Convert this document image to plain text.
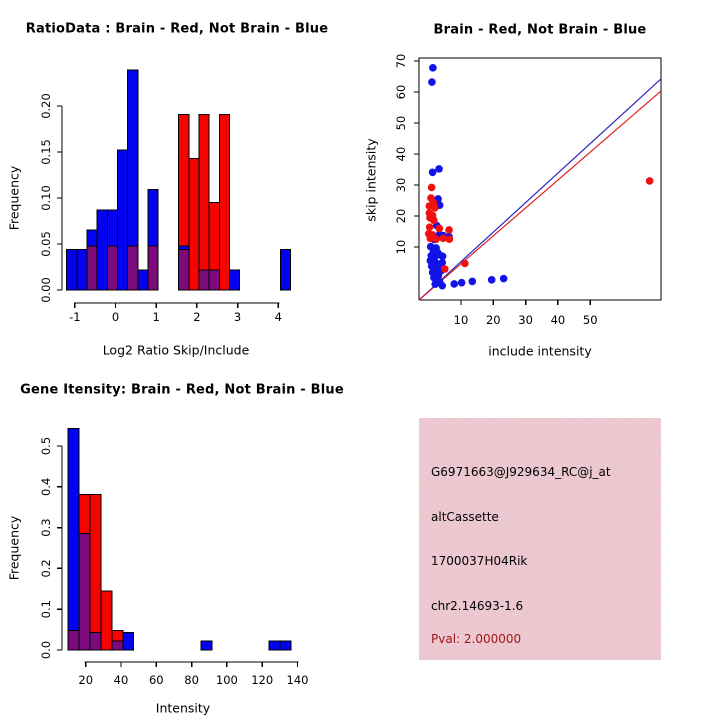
-1	0	1	2	3	4
0.00
0.05
0.10
0.15
0.20
10 20 30 40 50
10
20
30
40
50
60
70
20 40 60 80 100 120 140
0.0
0.1
0.2
0.3
0.4
0.5
RatioData : Brain - Red, Not Brain - Blue
Log2 Ratio Skip/Include
Frequency
Brain - Red, Not Brain - Blue
include intensity
skip intensity
Gene Itensity: Brain - Red, Not Brain - Blue
Intensity
Frequency
G6971663@J929634_RC@j_at
altCassette
1700037H04Rik
chr2.14693-1.6
Pval: 2.000000
